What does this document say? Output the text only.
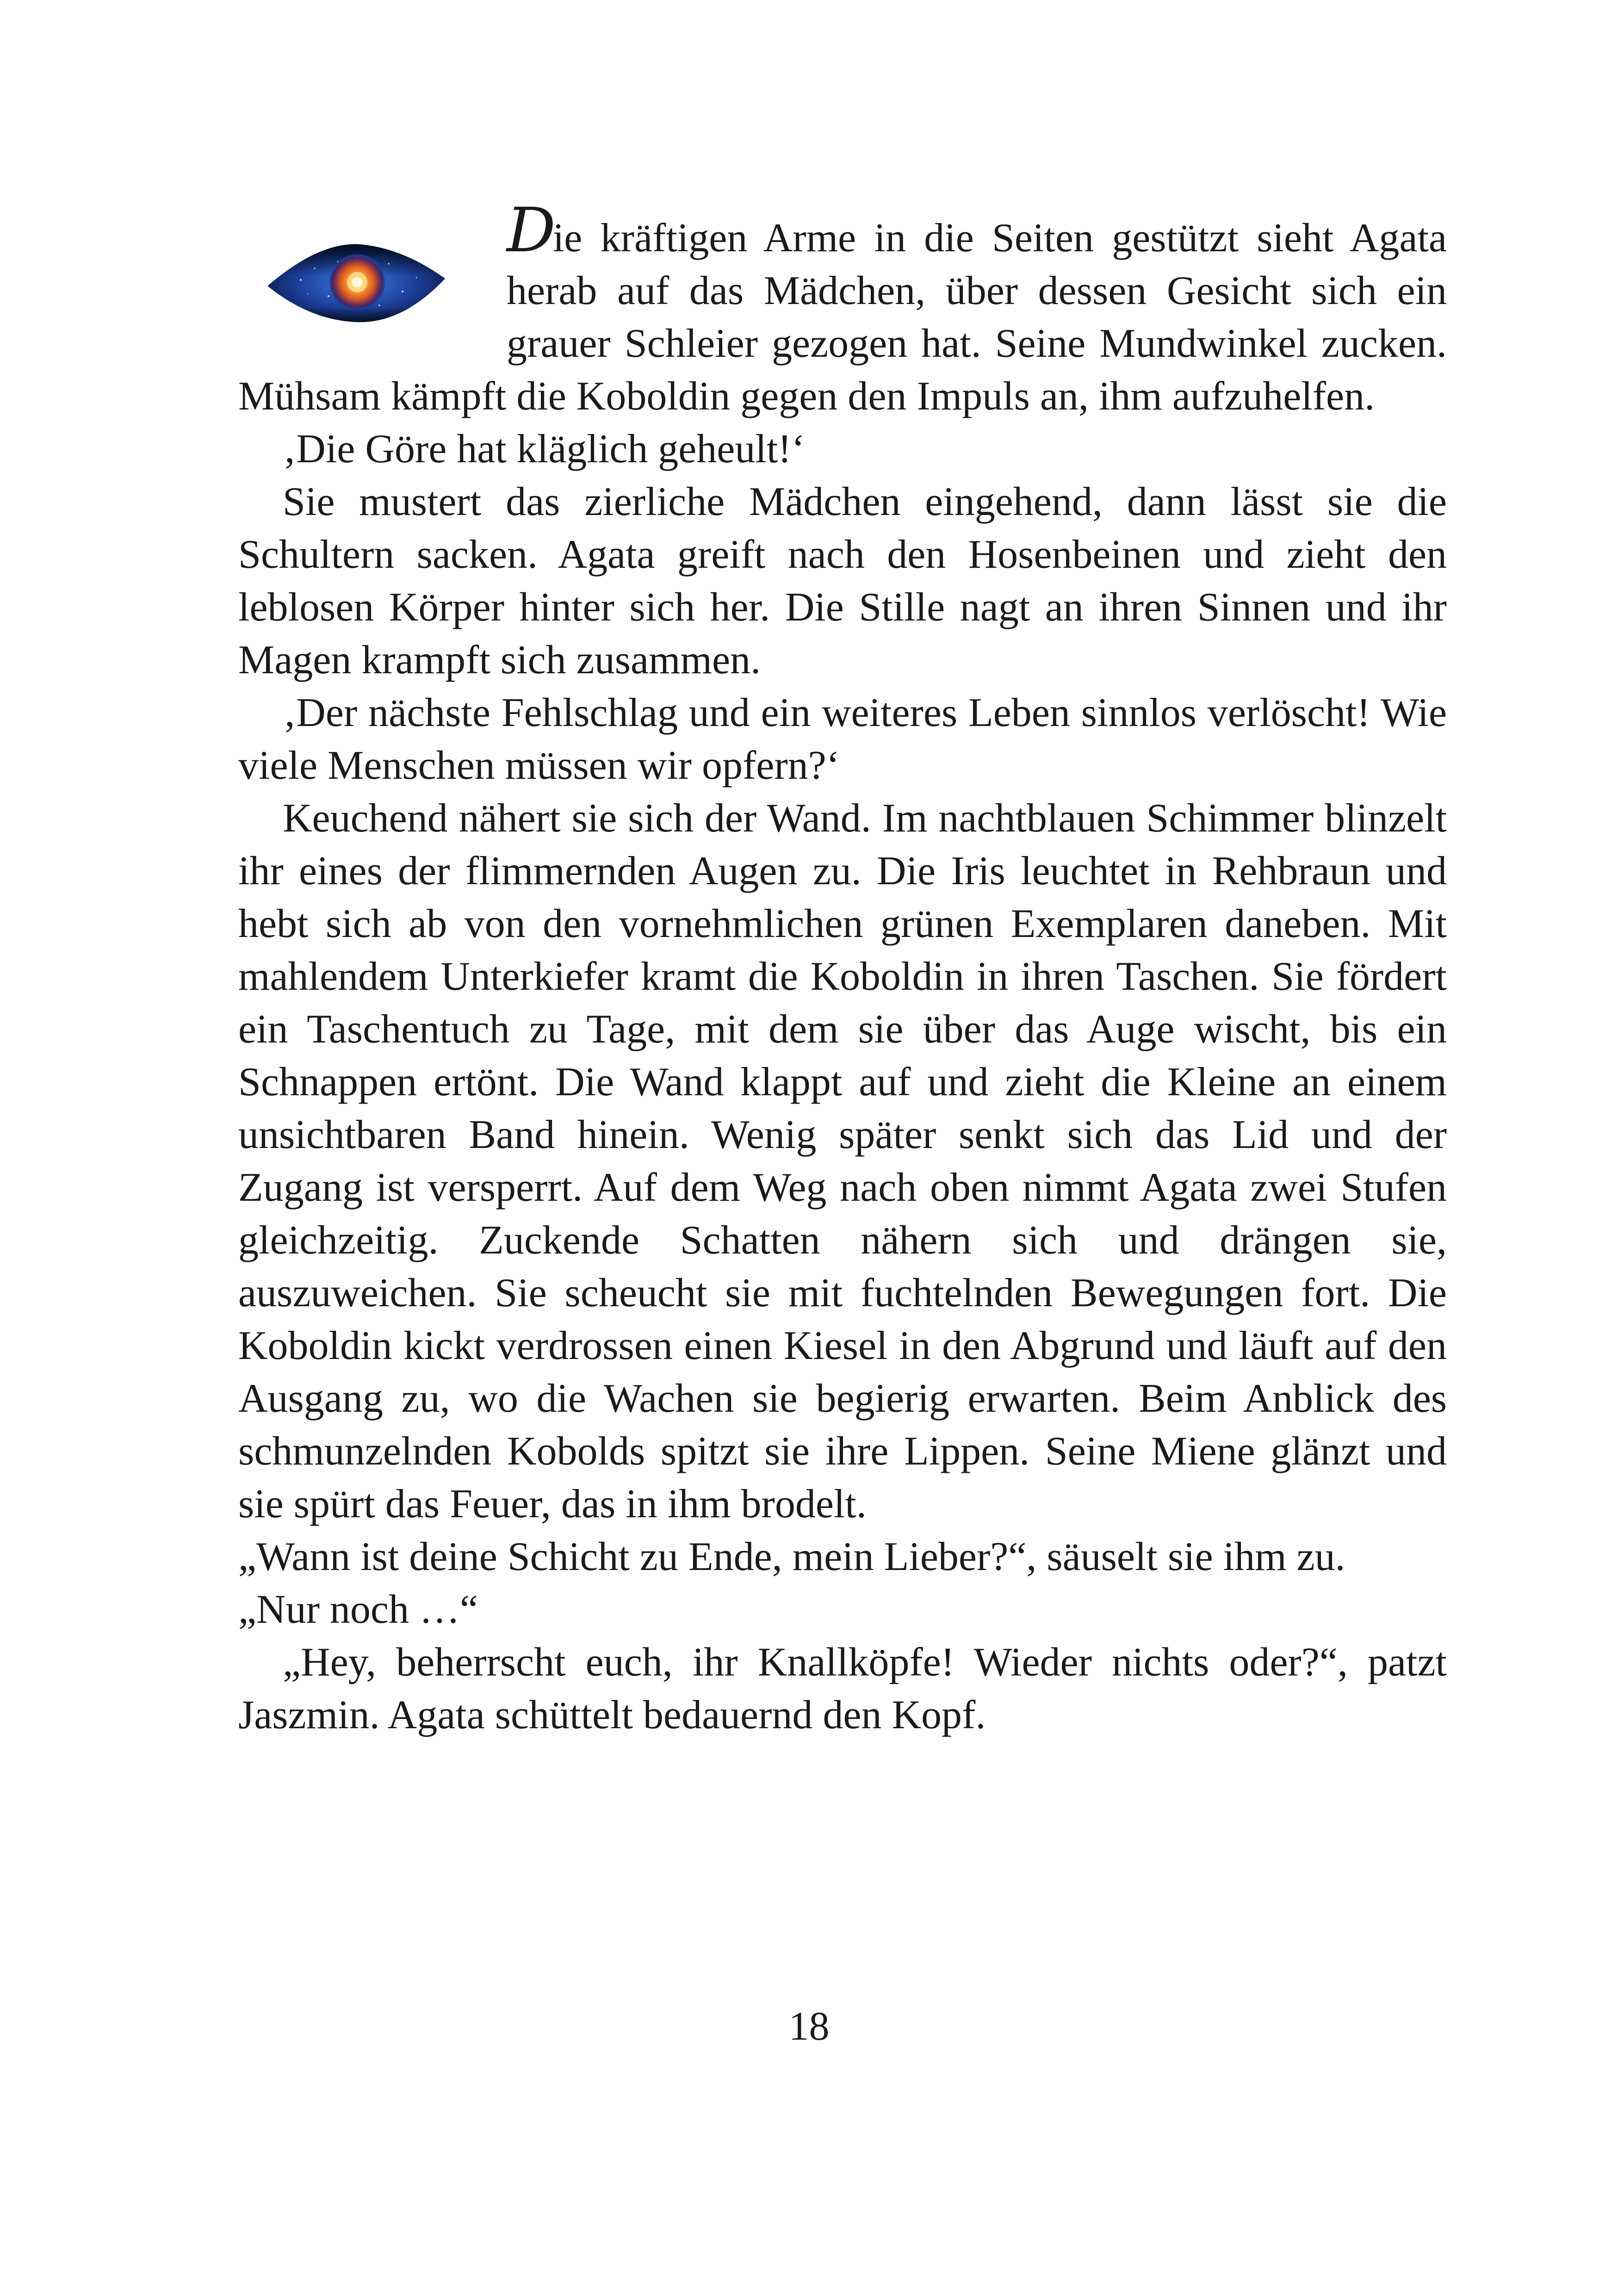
Die kräftigen Arme in die Seiten gestützt sieht Agata herab auf das Mädchen, über dessen Gesicht sich ein grauer Schleier gezogen hat. Seine Mundwinkel zucken. Mühsam kämpft die Koboldin gegen den Impuls an, ihm aufzuhelfen.

‚Die Göre hat kläglich geheult!‘

Sie mustert das zierliche Mädchen eingehend, dann lässt sie die Schultern sacken. Agata greift nach den Hosenbeinen und zieht den leblosen Körper hinter sich her. Die Stille nagt an ihren Sinnen und ihr Magen krampft sich zusammen.

‚Der nächste Fehlschlag und ein weiteres Leben sinnlos verlöscht! Wie viele Menschen müssen wir opfern?‘

Keuchend nähert sie sich der Wand. Im nachtblauen Schimmer blinzelt ihr eines der flimmernden Augen zu. Die Iris leuchtet in Rehbraun und hebt sich ab von den vornehmlichen grünen Exemplaren daneben. Mit mahlendem Unterkiefer kramt die Koboldin in ihren Taschen. Sie fördert ein Taschentuch zu Tage, mit dem sie über das Auge wischt, bis ein Schnappen ertönt. Die Wand klappt auf und zieht die Kleine an einem unsichtbaren Band hinein. Wenig später senkt sich das Lid und der Zugang ist versperrt. Auf dem Weg nach oben nimmt Agata zwei Stufen gleichzeitig. Zuckende Schatten nähern sich und drängen sie, auszuweichen. Sie scheucht sie mit fuchtelnden Bewegungen fort. Die Koboldin kickt verdrossen einen Kiesel in den Abgrund und läuft auf den Ausgang zu, wo die Wachen sie begierig erwarten. Beim Anblick des schmunzelnden Kobolds spitzt sie ihre Lippen. Seine Miene glänzt und sie spürt das Feuer, das in ihm brodelt.

„Wann ist deine Schicht zu Ende, mein Lieber?“, säuselt sie ihm zu.

„Nur noch …“

„Hey, beherrscht euch, ihr Knallköpfe! Wieder nichts oder?“, patzt Jaszmin. Agata schüttelt bedauernd den Kopf.

18
